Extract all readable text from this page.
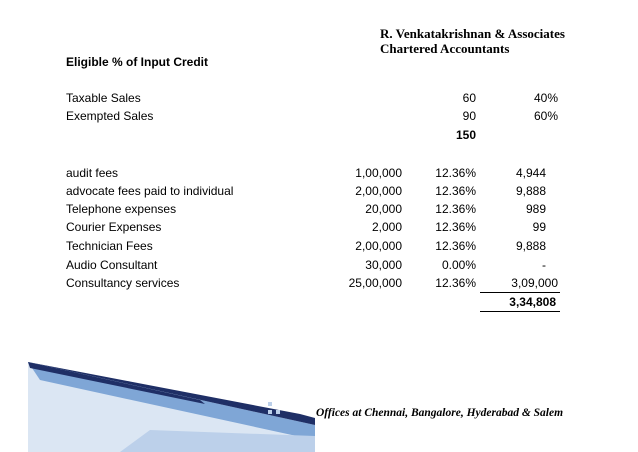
R. Venkatakrishnan & Associates
Chartered Accountants
Eligible % of Input Credit
Taxable Sales	60	40%
Exempted Sales	90	60%
150
audit fees	1,00,000	12.36%	4,944
advocate fees paid to individual	2,00,000	12.36%	9,888
Telephone expenses	20,000	12.36%	989
Courier Expenses	2,000	12.36%	99
Technician Fees	2,00,000	12.36%	9,888
Audio Consultant	30,000	0.00%	-
Consultancy services	25,00,000	12.36%	3,09,000
3,34,808
Offices at Chennai, Bangalore, Hyderabad & Salem
